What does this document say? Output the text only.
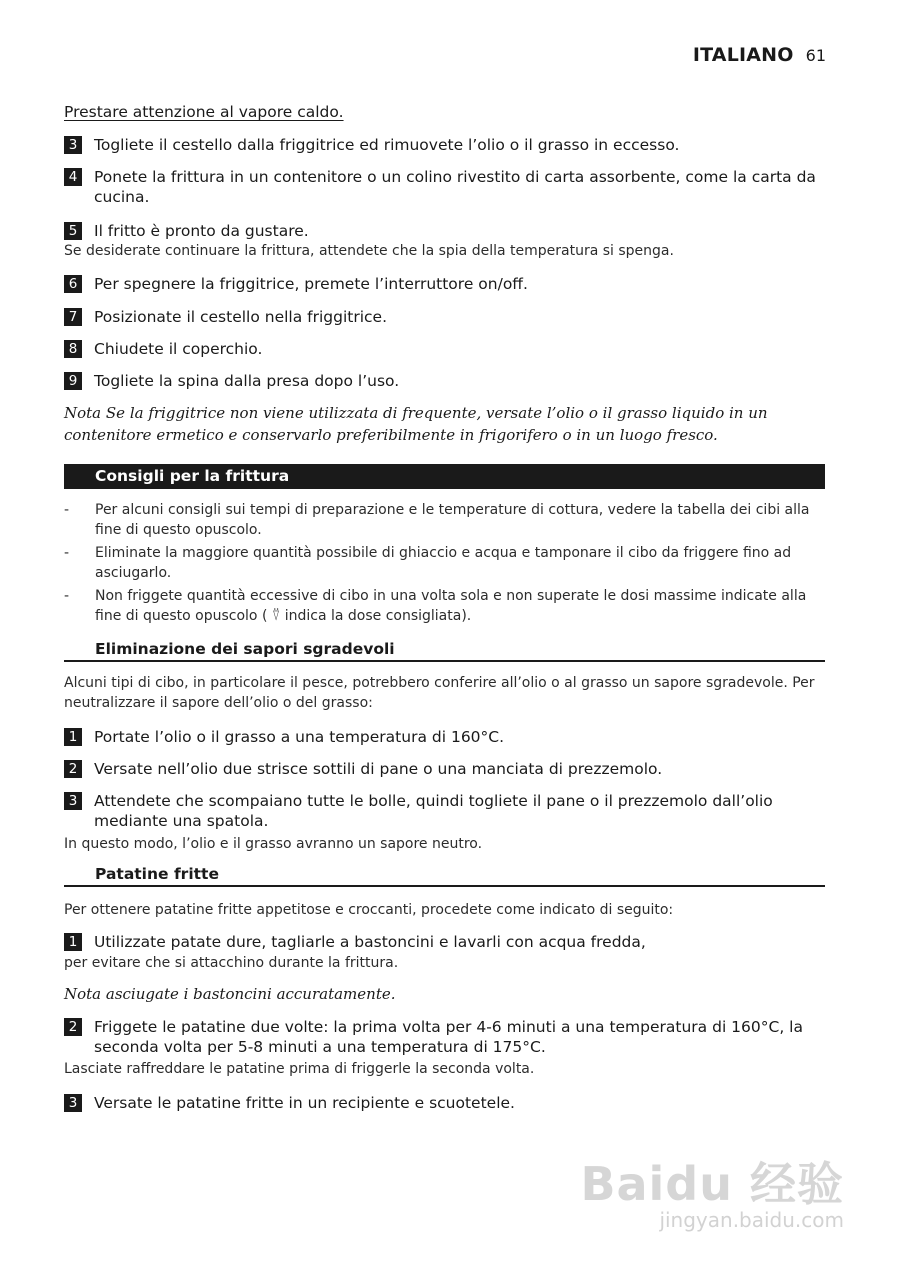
ITALIANO 61
Prestare attenzione al vapore caldo.
3	Togliete il cestello dalla friggitrice ed rimuovete l’olio o il grasso in eccesso.
4	Ponete la frittura in un contenitore o un colino rivestito di carta assorbente, come la carta da cucina.
5	Il fritto è pronto da gustare.
Se desiderate continuare la frittura, attendete che la spia della temperatura si spenga.
6	Per spegnere la friggitrice, premete l’interruttore on/off.
7	Posizionate il cestello nella friggitrice.
8	Chiudete il coperchio.
9	Togliete la spina dalla presa dopo l’uso.
Nota Se la friggitrice non viene utilizzata di frequente, versate l’olio o il grasso liquido in un contenitore ermetico e conservarlo preferibilmente in frigorifero o in un luogo fresco.
Consigli per la frittura
-	Per alcuni consigli sui tempi di preparazione e le temperature di cottura, vedere la tabella dei cibi alla fine di questo opuscolo.
-	Eliminate la maggiore quantità possibile di ghiaccio e acqua e tamponare il cibo da friggere fino ad asciugarlo.
-	Non friggete quantità eccessive di cibo in una volta sola e non superate le dosi massime indicate alla fine di questo opuscolo ( ⍢ indica la dose consigliata).
Eliminazione dei sapori sgradevoli
Alcuni tipi di cibo, in particolare il pesce, potrebbero conferire all’olio o al grasso un sapore sgradevole. Per neutralizzare il sapore dell’olio o del grasso:
1	Portate l’olio o il grasso a una temperatura di 160°C.
2	Versate nell’olio due strisce sottili di pane o una manciata di prezzemolo.
3	Attendete che scompaiano tutte le bolle, quindi togliete il pane o il prezzemolo dall’olio mediante una spatola.
In questo modo, l’olio e il grasso avranno un sapore neutro.
Patatine fritte
Per ottenere patatine fritte appetitose e croccanti, procedete come indicato di seguito:
1	Utilizzate patate dure, tagliarle a bastoncini e lavarli con acqua fredda,
per evitare che si attacchino durante la frittura.
Nota asciugate i bastoncini accuratamente.
2	Friggete le patatine due volte: la prima volta per 4-6 minuti a una temperatura di 160°C, la seconda volta per 5-8 minuti a una temperatura di 175°C.
Lasciate raffreddare le patatine prima di friggerle la seconda volta.
3	Versate le patatine fritte in un recipiente e scuotetele.
Baidu 经验
jingyan.baidu.com
